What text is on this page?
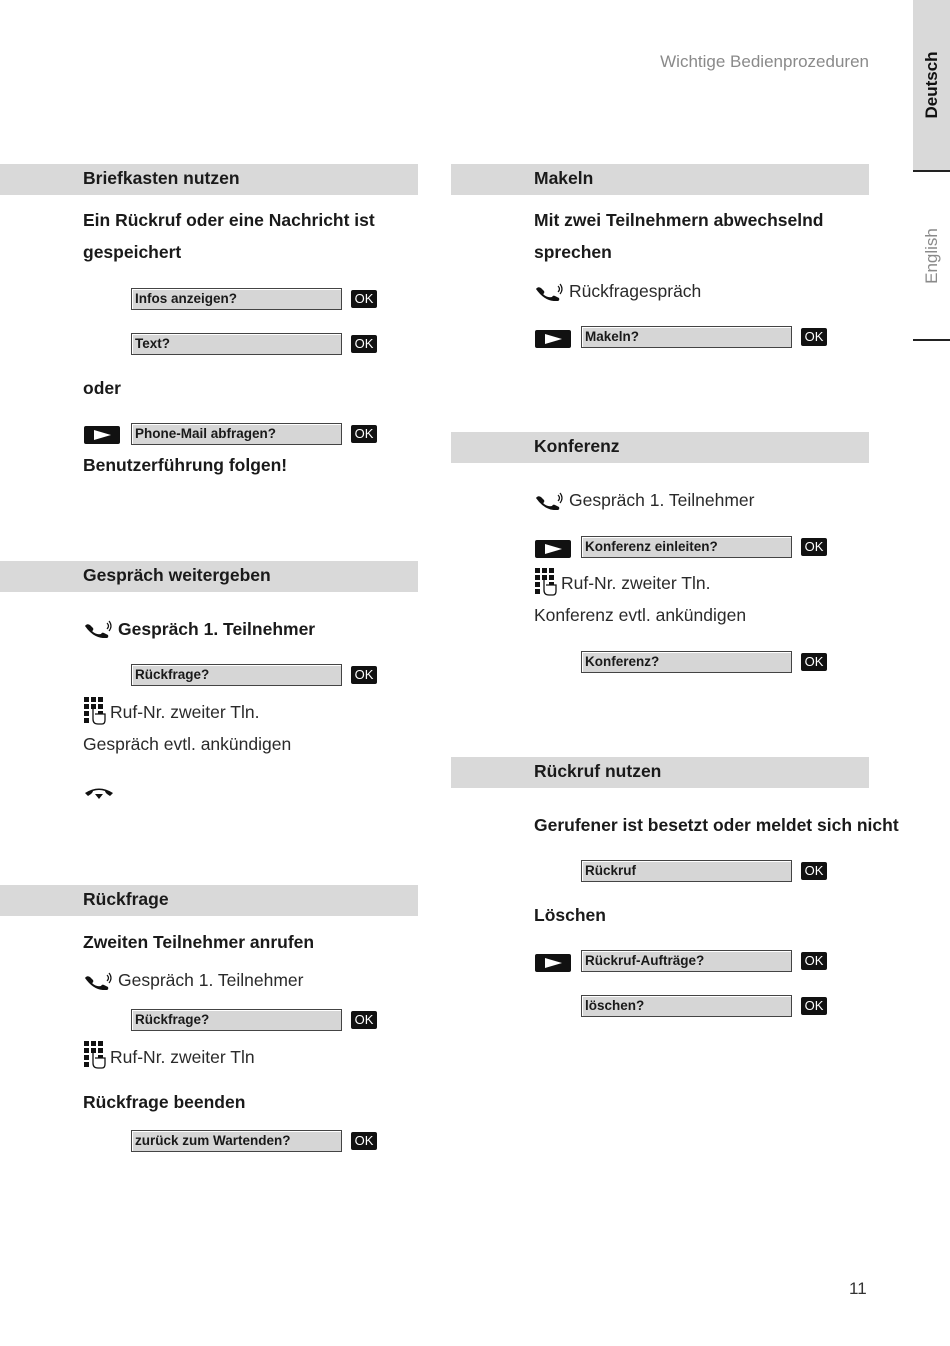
Wichtige Bedienprozeduren	Deutsch
English
Briefkasten nutzen
Ein Rückruf oder eine Nachricht ist gespeichert
Infos anzeigen?	OK
Text?	OK
oder
Phone-Mail abfragen?	OK
Benutzerführung folgen!
Gespräch weitergeben
Gespräch 1. Teilnehmer
Rückfrage?	OK
Ruf-Nr. zweiter Tln.
Gespräch evtl. ankündigen
Rückfrage
Zweiten Teilnehmer anrufen
Gespräch 1. Teilnehmer
Rückfrage?	OK
Ruf-Nr. zweiter Tln
Rückfrage beenden
zurück zum Wartenden?	OK
Makeln
Mit zwei Teilnehmern abwechselnd sprechen
Rückfragespräch
Makeln?	OK
Konferenz
Gespräch 1. Teilnehmer
Konferenz einleiten?	OK
Ruf-Nr. zweiter Tln.
Konferenz evtl. ankündigen
Konferenz?	OK
Rückruf nutzen
Gerufener ist besetzt oder meldet sich nicht
Rückruf	OK
Löschen
Rückruf-Aufträge?	OK
löschen?	OK
11
